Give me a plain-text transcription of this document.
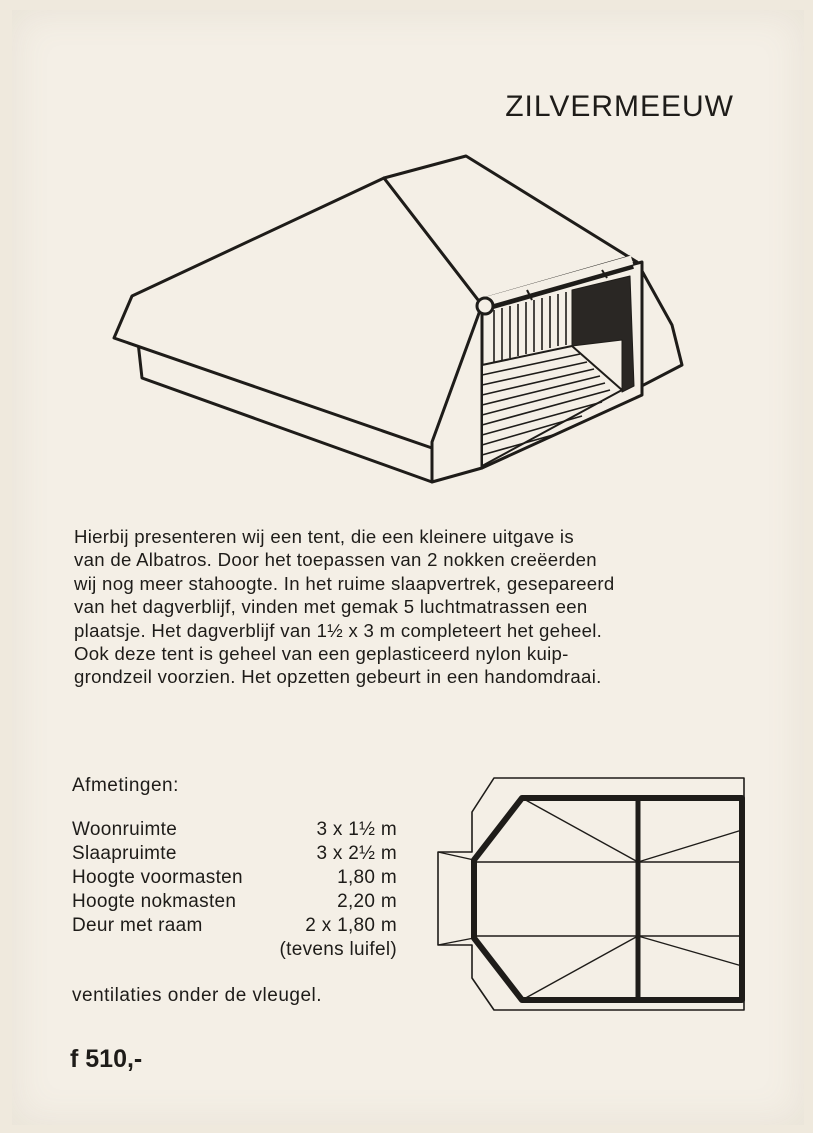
ZILVERMEEUW
Hierbij presenteren wij een tent, die een kleinere uitgave is
van de Albatros. Door het toepassen van 2 nokken creëerden
wij nog meer stahoogte. In het ruime slaapvertrek, gesepareerd
van het dagverblijf, vinden met gemak 5 luchtmatrassen een
plaatsje. Het dagverblijf van 1½ x 3 m completeert het geheel.
Ook deze tent is geheel van een geplasticeerd nylon kuip-
grondzeil voorzien. Het opzetten gebeurt in een handomdraai.
Afmetingen:
Woonruimte	3 x 1½ m
Slaapruimte	3 x 2½ m
Hoogte voormasten	1,80 m
Hoogte nokmasten	2,20 m
Deur met raam	2 x 1,80 m
(tevens luifel)
ventilaties onder de vleugel.
f 510,-
